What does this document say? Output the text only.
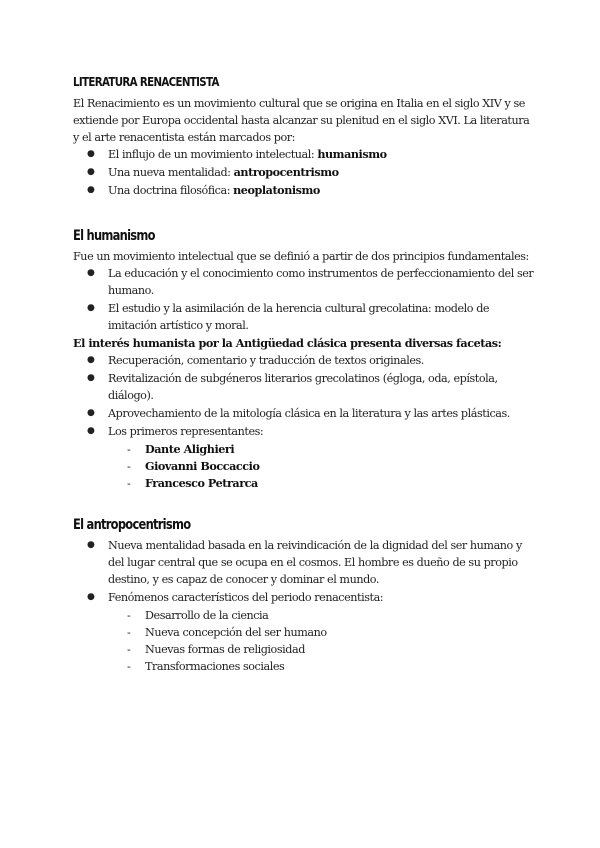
LITERATURA RENACENTISTA

El Renacimiento es un movimiento cultural que se origina en Italia en el siglo XIV y se extiende por Europa occidental hasta alcanzar su plenitud en el siglo XVI. La literatura y el arte renacentista están marcados por:

●	El influjo de un movimiento intelectual: humanismo
●	Una nueva mentalidad: antropocentrismo
●	Una doctrina filosófica: neoplatonismo
El humanismo

Fue un movimiento intelectual que se definió a partir de dos principios fundamentales:

●	La educación y el conocimiento como instrumentos de perfeccionamiento del ser humano.
●	El estudio y la asimilación de la herencia cultural grecolatina: modelo de imitación artístico y moral.

El interés humanista por la Antigüedad clásica presenta diversas facetas:

●	Recuperación, comentario y traducción de textos originales.
●	Revitalización de subgéneros literarios grecolatinos (égloga, oda, epístola, diálogo).
●	Aprovechamiento de la mitología clásica en la literatura y las artes plásticas.
●	Los primeros representantes:
- Dante Alighieri
- Giovanni Boccaccio
- Francesco Petrarca
El antropocentrismo
●	Nueva mentalidad basada en la reivindicación de la dignidad del ser humano y del lugar central que se ocupa en el cosmos. El hombre es dueño de su propio destino, y es capaz de conocer y dominar el mundo.
●	Fenómenos característicos del periodo renacentista:
- Desarrollo de la ciencia
- Nueva concepción del ser humano
- Nuevas formas de religiosidad
- Transformaciones sociales
